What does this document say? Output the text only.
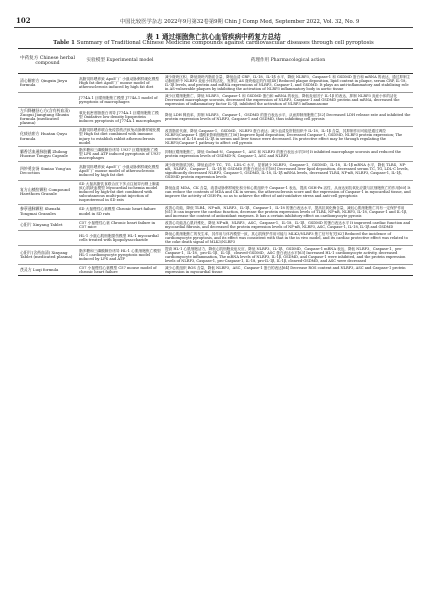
102	中国比较医学杂志 2022年9月第32卷第9期 Chin J Comp Med, September 2022, Vol. 32, No. 9
表 1 通过细胞焦亡抗心血管疾病中药复方总结
Table 1 Summary of Traditional Chinese Medicine compounds against cardiovascular diseases through cell pyroptosis
中药复方 Chinese herbal compound	实验模型 Experimental model	药理作用 Pharmacological action
清心解瘀方 Qingxin Jieyu formula	高脂饲料喂养致 ApoE⁻/⁻ 小鼠动脉粥样硬化模型 High fat diet ApoE⁻/⁻ mouse model of atherosclerosis induced by high fat diet	减少斑块区积、降低斑块内脂质含量、降低血清 CRP、IL-18、IL-1β 水平，降低 NLRP3、Caspase-1 和 GSDMD 蛋白和 mRNA 的表达，通过抑制主动脉组织中 NLRP3 炎症小体的活化，发挥抗 AS 斑块稳定的作用[48] Reduced plaque deposition, lipid content in plaque, serum CRP, IL-18, IL-1β levels, and protein and mRNA expressions of NLRP3, Caspase-1, and GSDMD. It plays an anti-inflammatory and stabilizing role in AS-vulnerable plaques by inhibiting the activation of NLRP3 inflammatory body in aortic tissue
	J774A.1 巨噬细胞焦亡模型 J774A.1 model of pyroptosis of macrophages	减少巨噬细胞焦亡，降低 NLRP3、Caspase-1 和 GSDMD 蛋白和 mRNA 的表达，降低炎症因子 IL-1β 的表达，抑制 NLRP3 炎症小体的活化 Decreased macrophage scorosis, decreased the expression of NLRP3, Caspase-1 and GSDMD protein and mRNA, decreased the expression of inflammatory factor IL-1β, inhibited the activation of NLRP3 inflammasome
左归降糖舒心方(含有药血清) Zuogui Jiangtang Shuxin formula (medicated plasma)	氧化低密度脂蛋白诱导 J774A.1 巨噬细胞焦亡模型 Oxidative low density lipoprotein induces pyroptosis of J774A.1 macrophages	降低 LDH 释放率，抑制 NLRP3、Caspase-1、GSDMD 的蛋白表达水平，从而抑制细胞焦亡[52] Decreased LDH release rate and inhibited the protein expression levels of NLRP3, Caspase-1 and GSDMD, thus inhibiting cell pyrosis
化痰祛瘀方 Huatan Quyu formula	高脂饲料喂养联合免疫损伤法致兔动脉粥样硬化模型 High fat diet combined with immune injury to establish rabbit atherosclerosis model	改善脂质代谢，降低 Caspase-1、GSDMD、NLRP3 蛋白表达；减少血清及肝脏组织中 IL-18、IL-1β 含量，其抑制作用可能是通过调控 NLRP3/Caspase-1 通路来影响细胞焦亡[56] Improve lipid deposition; Decreased Caspase-1, GSDMD, NLRP3 protein expression; The contents of IL-18 and IL-1β in serum and liver tissue were decreased. Its protective effect may be through regulating the NLRP3/Caspase-1 pathway to affect cell pyrosis
麝香活血通脉胶囊 Zhilong Huoxue Tongyu Capsule	脂多糖和三磷酸腺苷诱导 U937 巨噬细胞焦亡模型 LPS and ATP induced pyroptosis of U937 macrophages	抑制巨噬细胞焦亡，降低 Gsdmd-N、Caspase-1、ASC 和 NLRP3 的蛋白表达水平[59] It inhibited macrophage scorosis and reduced the protein expression levels of GSDMD-N, Caspase-1, ASC and NLRP3
四妙勇安汤 Simiao Yong'an Decoction	高脂饲料喂养致 ApoE⁻/⁻ 小鼠动脉粥样硬化模型 ApoE⁻/⁻ mouse model of atherosclerosis induced by high fat diet	减少斑块脂质沉积，降低血清中 TC、TG、LDL-C 水平，显著减少 NLRP3、Caspase-1、GSDMD、IL-18、IL-1β mRNA 水平，降低 TLR4、NF-κB、NLRP3、Caspase-1、IL-1β 和 GSDMD 的蛋白表达水平[58] Decreased liver lipid deposition, decreased serum TC, TG, LDL-C levels, significantly decreased NLRP3, Caspase-1, GSDMD, IL-18, IL-1β mRNA levels, decreased TLR4, NF-κB, NLRP3, Caspase-1, IL-1β, GSDMD protein expression levels
复方山楂酊颗粒 Compound Hawthorn Granule	SD 大鼠高脂饮食联合皮下多点注射异丙肾上腺素致心肌缺血模型 Myocardial ischemia model induced by high-fat diet combined with subcutaneous multi-point injection of isoproterenol in SD rats	降低血清 MDA、CK 含量，改善动脉粥样硬化积分和心肌组织中 Caspase-1 表达，提高 GSH-Px 活性，从而达到抗氧化应激与抗细胞焦亡的作用[60] It can reduce the contents of MDA and CK in serum, the atherosclerosis score and the expression of Caspase-1 in myocardial tissue, and improve the activity of GSH-Px, so as to achieve the effect of anti-oxidative stress and anti-cell pyroptosis
参葶通脉颗粒 Shenzhi Tongmai Granules	SD 大鼠慢性心衰模型 Chronic heart failure model in SD rats	改善心功能，降低 TLR4、NF-κB、NLRP3、IL-1β、Caspase-1、IL-18 的蛋白表达水平，提高抗氧化酶含量，减轻心肌细胞焦亡具有一定保护作用[61] It can improve the cardiac function, decrease the protein expression levels of TLR4, NF-κB, NLRP3, IL-18, Caspase-1 and IL-1β, and increase the content of antioxidant enzymes. It has a certain inhibitory effect on cardiomyocyte pyrosis
心阳片 Xinyang Tablet	C57 小鼠慢性心衰 Chronic heart failure in C57 mice	改善心功能及心肌纤维化，降低 NF-κB、NLRP3、ASC、Caspase-1、IL-18、IL-1β、GSDMD 的蛋白表达水平 It improved cardiac function and myocardial fibrosis, and decreased the protein expression levels of NF-κB, NLRP3, ASC, Caspase-1, IL-18, IL-1β and GSDMD
	HL-1 小鼠心肌细胞损伤模型 HL-1 myocardial cells treated with lipopolysaccharide	降低心肌细胞焦亡的发生率，其作用与体内模型一致，其心肌保护作用可能与 MLK3/NLRP3 焦亡信号有关[62] Reduced the incidence of cardiomyocyte pyroptosis, and its effect was consistent with that in the in vivo model, and its cardiac protective effect was related to the coke death signal of MLK3/NLRP3
心阳片(含药血清) Xinyang Tablet (medicated plasma)	脂多糖和三磷酸腺苷诱导 HL-1 心肌细胞焦亡模型 HL-1 cardiomyocyte pyroptosis model induced by LPS and ATP	提高 HL-1 心肌细胞活力，降低心肌细胞炎症反应，降低 NLRP3、IL-1β、GSDMD、Caspase-1 mRNA 表达，降低 NLRP3、Caspase-1、pro-Caspase-1、IL-18、pro-IL-1β、IL-1β、cleaved-GSDMD、ASC 蛋白表达水平[63] Increased HL-1 cardiomyocyte activity, decreased cardiomyocyte inflammation, The mRNA levels of NLRP3, IL-1β, GSDMD, and Caspase-1 were inhibited, and the protein expression levels of NLRP3, Caspase-1, pro-Caspase-1, IL-18, pro-IL-1β, IL-1β, cleaved-GSDMD, and ASC were decreased
芪灵方 Luqi formula	C57 小鼠慢性心衰模型 C57 mouse model of chronic heart failure	减少心肌组织 ROS 含量，降低 NLRP3、ASC、Caspase-1 蛋白的表达[64] Decrease ROS content and NLRP3, ASC and Caspase-1 protein expression in myocardial tissue
